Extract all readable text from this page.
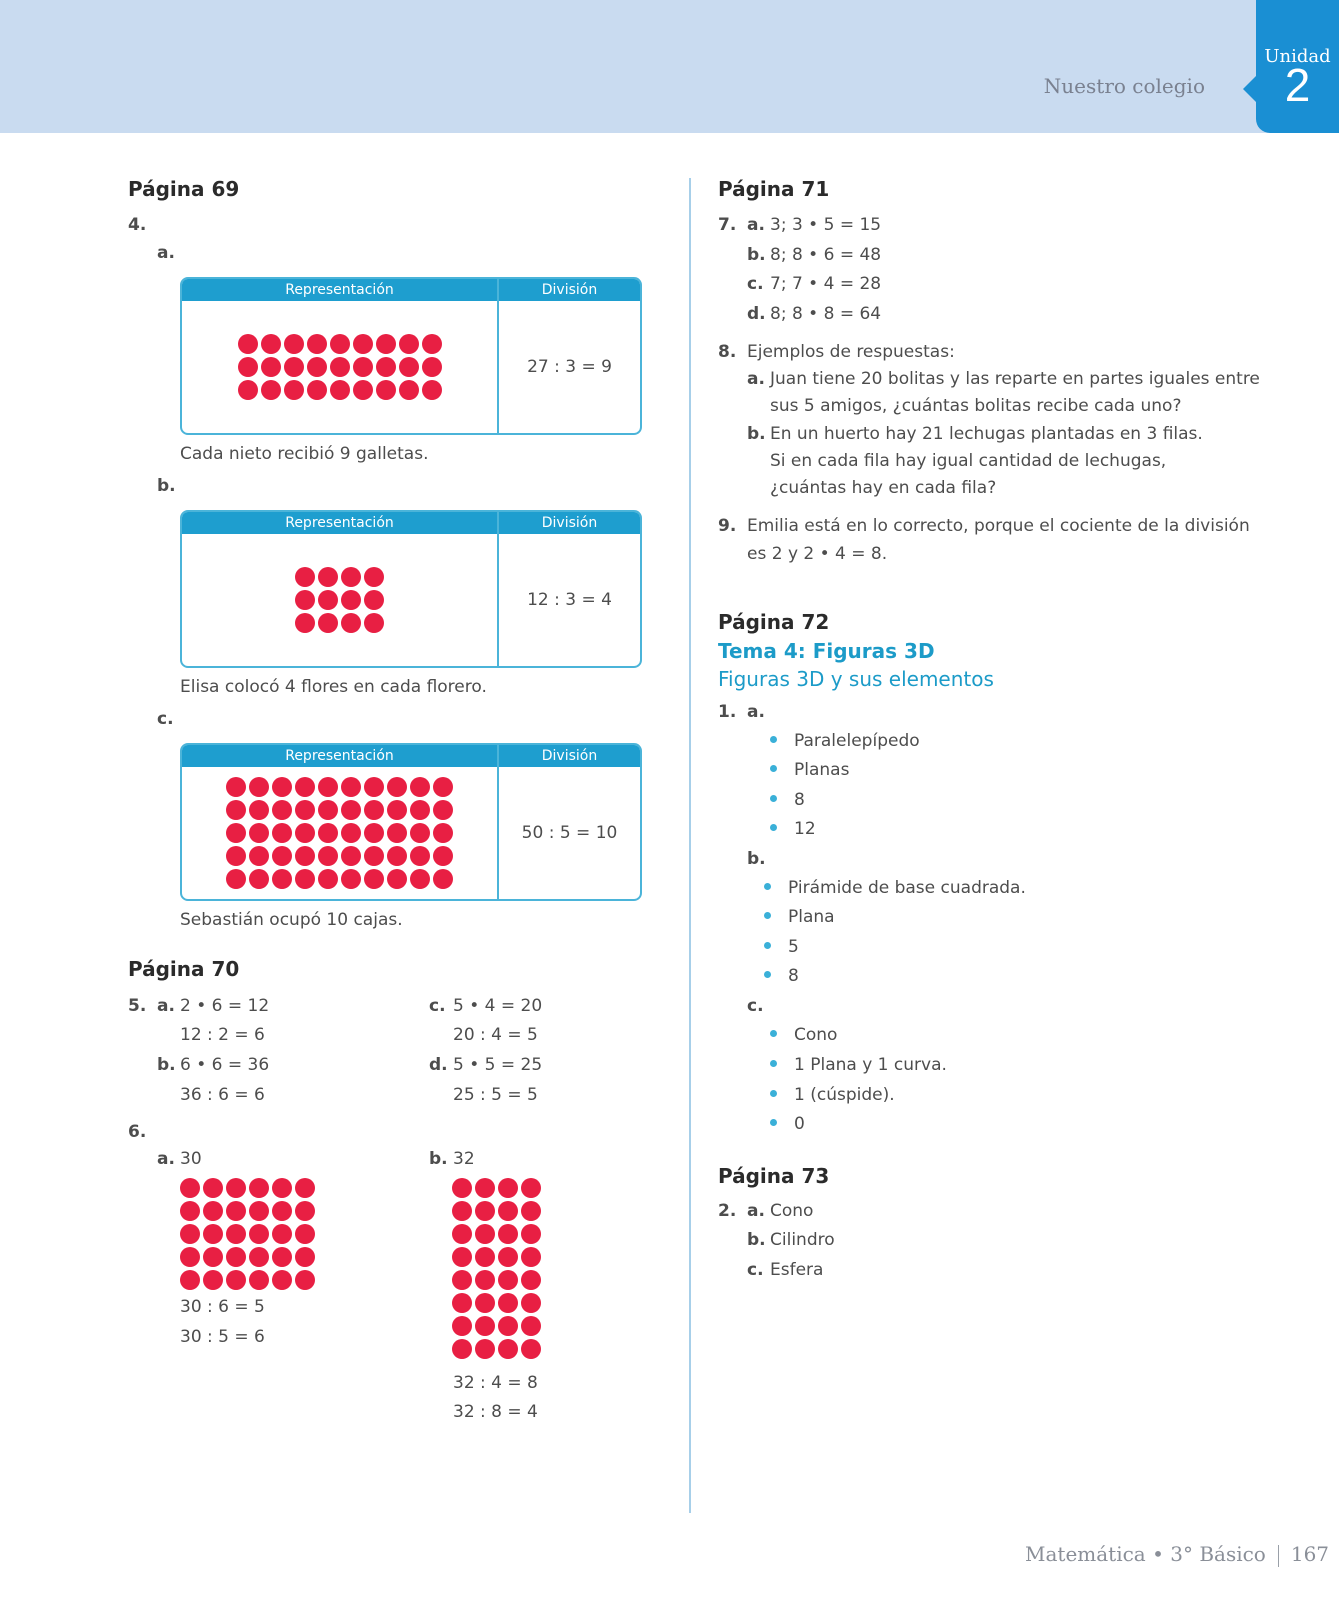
Unidad
2
Nuestro colegio
Página 69
4.
a.
Representación	División

	27 : 3 = 9
Cada nieto recibió 9 galletas.
b.
Representación	División

	12 : 3 = 4
Elisa colocó 4 flores en cada florero.
c.
Representación	División

	50 : 5 = 10
Sebastián ocupó 10 cajas.
Página 70
5. a. 2 • 6 = 12
12 : 2 = 6
b. 6 • 6 = 36
36 : 6 = 6
c. 5 • 4 = 20
20 : 4 = 5
d. 5 • 5 = 25
25 : 5 = 5
6.
a. 30
30 : 6 = 5
30 : 5 = 6
b. 32
32 : 4 = 8
32 : 8 = 4
Página 71
7. a. 3; 3 • 5 = 15
b. 8; 8 • 6 = 48
c. 7; 7 • 4 = 28
d. 8; 8 • 8 = 64
8. Ejemplos de respuestas:
a. Juan tiene 20 bolitas y las reparte en partes iguales entre
sus 5 amigos, ¿cuántas bolitas recibe cada uno?
b. En un huerto hay 21 lechugas plantadas en 3 filas.
Si en cada fila hay igual cantidad de lechugas,
¿cuántas hay en cada fila?
9. Emilia está en lo correcto, porque el cociente de la división
es 2 y 2 • 4 = 8.
Página 72
Tema 4: Figuras 3D
Figuras 3D y sus elementos
1. a.
Paralelepípedo
Planas
8
12
b.
Pirámide de base cuadrada.
Plana
5
8
c.
Cono
1 Plana y 1 curva.
1 (cúspide).
0
Página 73
2. a. Cono
b. Cilindro
c. Esfera
Matemática • 3° Básico 167
